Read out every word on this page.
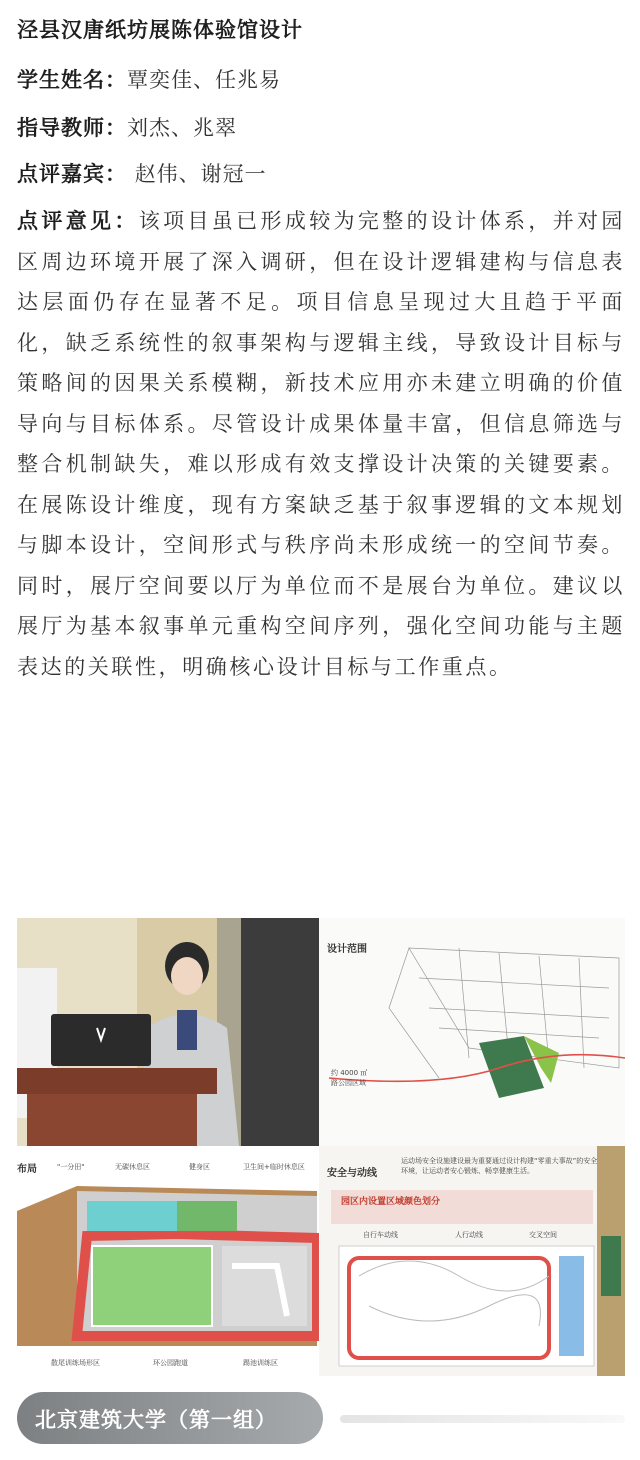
泾县汉唐纸坊展陈体验馆设计
学生姓名：覃奕佳、任兆易
指导教师：刘杰、兆翠
点评嘉宾： 赵伟、谢冠一
点评意见：该项目虽已形成较为完整的设计体系，并对园区周边环境开展了深入调研，但在设计逻辑建构与信息表达层面仍存在显著不足。项目信息呈现过大且趋于平面化，缺乏系统性的叙事架构与逻辑主线，导致设计目标与策略间的因果关系模糊，新技术应用亦未建立明确的价值导向与目标体系。尽管设计成果体量丰富，但信息筛选与整合机制缺失，难以形成有效支撑设计决策的关键要素。在展陈设计维度，现有方案缺乏基于叙事逻辑的文本规划与脚本设计，空间形式与秩序尚未形成统一的空间节奏。同时，展厅空间要以厅为单位而不是展台为单位。建议以展厅为基本叙事单元重构空间序列，强化空间功能与主题表达的关联性，明确核心设计目标与工作重点。
设计范围
约 4000 ㎡
路公园区域
布局	"一分田"	无碳休息区	健身区	卫生间+临时休息区
散尾训练场形区	环公园跑道	踢池训练区
安全与动线
运动场安全设施建设最为重要通过设计构建“零重大事故”的安全环境，让运动者安心锻炼、畅享健康生活。
园区内设置区域颜色划分
自行车动线	人行动线	交叉空间
北京建筑大学（第一组）
